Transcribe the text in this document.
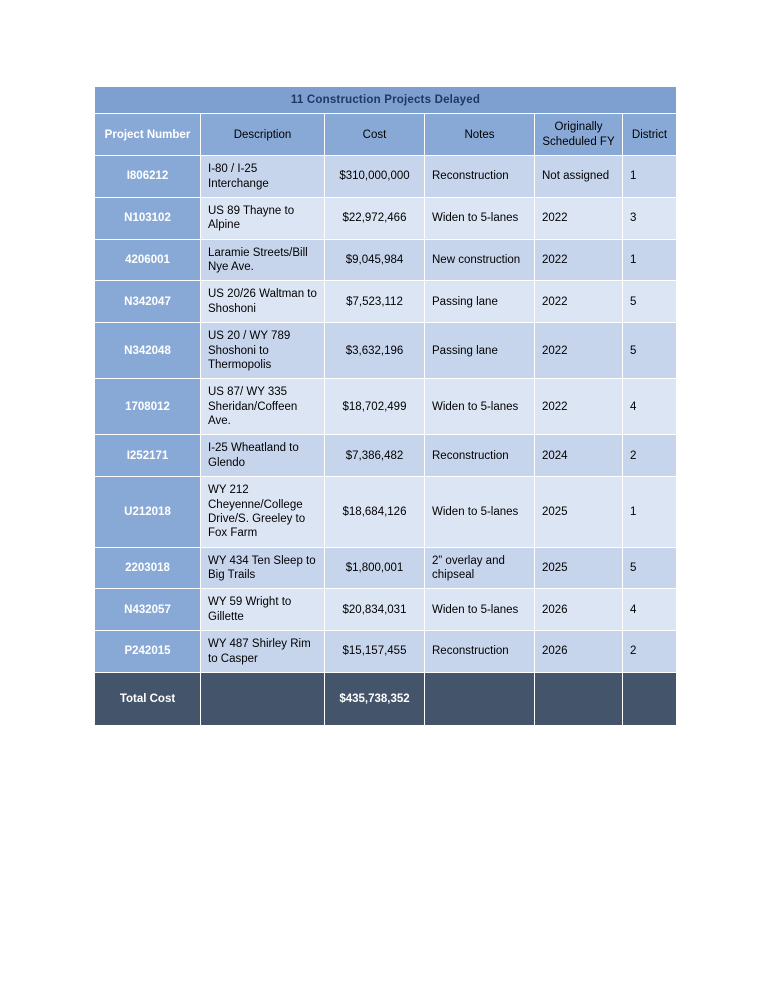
11 Construction Projects Delayed					
Project Number	Description	Cost	Notes	Originally Scheduled FY	District
I806212	I-80 / I-25 Interchange	$310,000,000	Reconstruction	Not assigned	1
N103102	US 89 Thayne to Alpine	$22,972,466	Widen to 5-lanes	2022	3
4206001	Laramie Streets/Bill Nye Ave.	$9,045,984	New construction	2022	1
N342047	US 20/26 Waltman to Shoshoni	$7,523,112	Passing lane	2022	5
N342048	US 20 / WY 789 Shoshoni to Thermopolis	$3,632,196	Passing lane	2022	5
1708012	US 87/ WY 335 Sheridan/Coffeen Ave.	$18,702,499	Widen to 5-lanes	2022	4
I252171	I-25 Wheatland to Glendo	$7,386,482	Reconstruction	2024	2
U212018	WY 212 Cheyenne/College Drive/S. Greeley to Fox Farm	$18,684,126	Widen to 5-lanes	2025	1
2203018	WY 434 Ten Sleep to Big Trails	$1,800,001	2” overlay and chipseal	2025	5
N432057	WY 59 Wright to Gillette	$20,834,031	Widen to 5-lanes	2026	4
P242015	WY 487 Shirley Rim to Casper	$15,157,455	Reconstruction	2026	2
Total Cost		$435,738,352			
